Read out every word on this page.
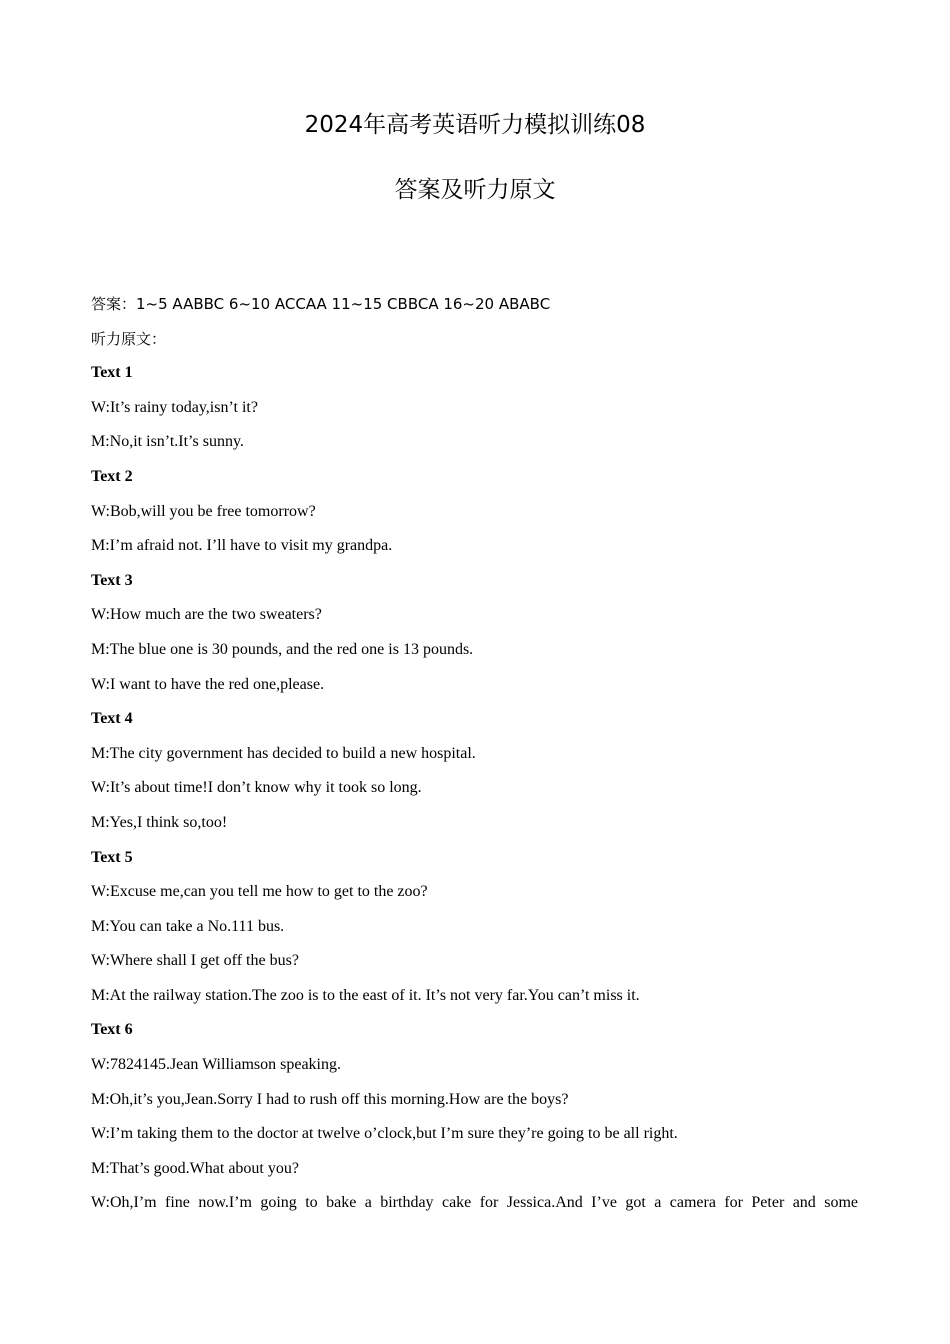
2024年高考英语听力模拟训练08
答案及听力原文
答案：1~5 AABBC 6~10 ACCAA 11~15 CBBCA 16~20 ABABC
听力原文：
Text 1
W:It’s rainy today,isn’t it?
M:No,it isn’t.It’s sunny.
Text 2
W:Bob,will you be free tomorrow?
M:I’m afraid not. I’ll have to visit my grandpa.
Text 3
W:How much are the two sweaters?
M:The blue one is 30 pounds, and the red one is 13 pounds.
W:I want to have the red one,please.
Text 4
M:The city government has decided to build a new hospital.
W:It’s about time!I don’t know why it took so long.
M:Yes,I think so,too!
Text 5
W:Excuse me,can you tell me how to get to the zoo?
M:You can take a No.111 bus.
W:Where shall I get off the bus?
M:At the railway station.The zoo is to the east of it. It’s not very far.You can’t miss it.
Text 6
W:7824145.Jean Williamson speaking.
M:Oh,it’s you,Jean.Sorry I had to rush off this morning.How are the boys?
W:I’m taking them to the doctor at twelve o’clock,but I’m sure they’re going to be all right.
M:That’s good.What about you?
W:Oh,I’m fine now.I’m going to bake a birthday cake for Jessica.And I’ve got a camera for Peter and some
